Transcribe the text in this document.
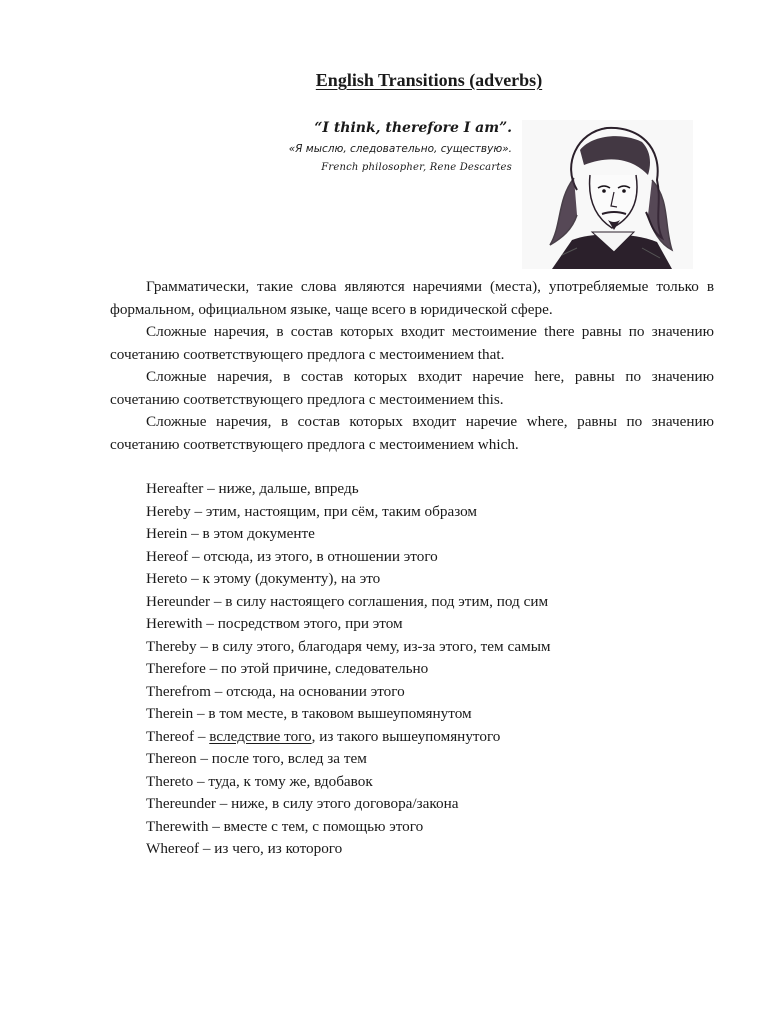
English Transitions (adverbs)
“I think, therefore I am”.
«Я мыслю, следовательно, существую».
French philosopher, Rene Descartes

Грамматически, такие слова являются наречиями (места), употребляемые только в формальном, официальном языке, чаще всего в юридической сфере.

Сложные наречия, в состав которых входит местоимение there равны по значению сочетанию соответствующего предлога с местоимением that.

Сложные наречия, в состав которых входит наречие here, равны по значению сочетанию соответствующего предлога с местоимением this.

Сложные наречия, в состав которых входит наречие where, равны по значению сочетанию соответствующего предлога с местоимением which.

Hereafter – ниже, дальше, впредь
Hereby – этим, настоящим, при сём, таким образом
Herein – в этом документе
Hereof – отсюда, из этого, в отношении этого
Hereto – к этому (документу), на это
Hereunder – в силу настоящего соглашения, под этим, под сим
Herewith – посредством этого, при этом
Thereby – в силу этого, благодаря чему, из-за этого, тем самым
Therefore – по этой причине, следовательно
Therefrom – отсюда, на основании этого
Therein – в том месте, в таковом вышеупомянутом
Thereof – вследствие того, из такого вышеупомянутого
Thereon – после того, вслед за тем
Thereto – туда, к тому же, вдобавок
Thereunder – ниже, в силу этого договора/закона
Therewith – вместе с тем, с помощью этого
Whereof – из чего, из которого
